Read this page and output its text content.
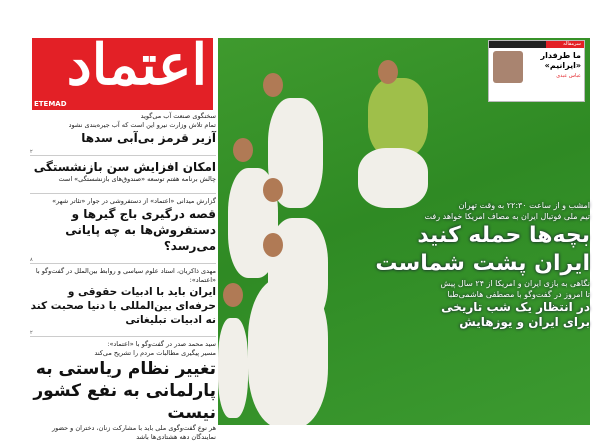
اعتماد
ETEMAD
سخنگوی صنعت آب می‌گوید
تمام تلاش وزارت نیرو این است که آب جیره‌بندی نشود
آزیر قرمز بی‌آبی سدها
۲
امکان افزایش سن بازنشستگی
چالش برنامه هفتم توسعه «صندوق‌های بازنشستگی» است
گزارش میدانی «اعتماد» از دستفروشی در جوار «تئاتر شهر»
قصه درگیری باج گیرها و دستفروش‌ها به چه پایانی می‌رسد؟
۸
مهدی ذاکریان، استاد علوم سیاسی و روابط بین‌الملل در گفت‌وگو با «اعتماد»:
ایران باید با ادبیات حقوقی و حرفه‌ای بین‌المللی با دنیا صحبت کند نه ادبیات تبلیغاتی
۲
سید محمد صدر در گفت‌وگو با «اعتماد»:
مسیر پیگیری مطالبات مردم را تشریح می‌کند
تغییر نظام ریاستی به پارلمانی به نفع کشور نیست
هر نوع گفت‌وگوی ملی باید با مشارکت زنان، دختران و حضور نمایندگان دهه هشتادی‌ها باشد
سرمقاله
ما طرفدار «ایرانیم»
عباس عبدی
امشب و از ساعت ۲۲:۳۰ به وقت تهران
تیم ملی فوتبال ایران به مصاف امریکا خواهد رفت
بچه‌ها حمله کنید
ایران پشت شماست
نگاهی به بازی ایران و امریکا از ۲۴ سال پیش
تا امروز در گفت‌وگو با مصطفی هاشمی‌طبا
در انتظار یک شب تاریخی
برای ایران و یوزهایش
